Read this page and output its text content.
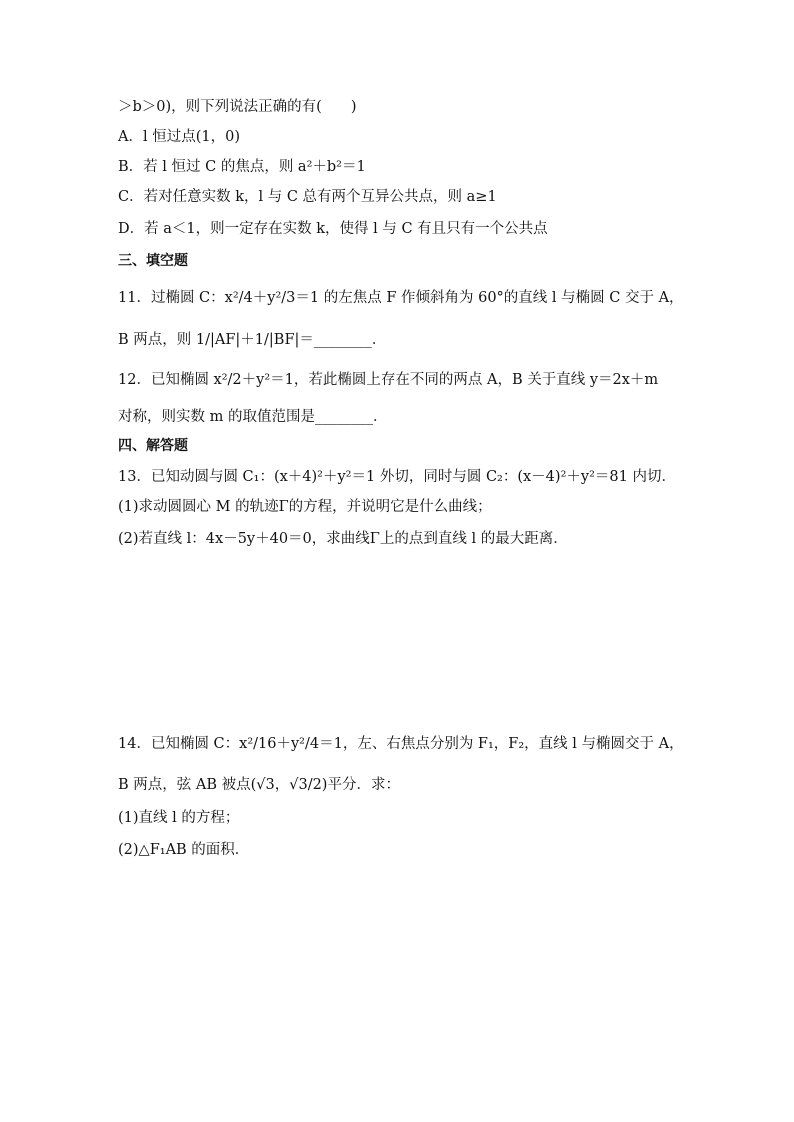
＞b＞0)，则下列说法正确的有(　　)
A．l 恒过点(1，0)
B．若 l 恒过 C 的焦点，则 a²＋b²＝1
C．若对任意实数 k，l 与 C 总有两个互异公共点，则 a≥1
D．若 a＜1，则一定存在实数 k，使得 l 与 C 有且只有一个公共点
三、填空题
11．过椭圆 C：x²/4＋y²/3＝1 的左焦点 F 作倾斜角为 60°的直线 l 与椭圆 C 交于 A，
B 两点，则 1/|AF|＋1/|BF|＝________．
12．已知椭圆 x²/2＋y²＝1，若此椭圆上存在不同的两点 A，B 关于直线 y＝2x＋m
对称，则实数 m 的取值范围是________．
四、解答题
13．已知动圆与圆 C₁：(x＋4)²＋y²＝1 外切，同时与圆 C₂：(x－4)²＋y²＝81 内切．
(1)求动圆圆心 M 的轨迹Γ的方程，并说明它是什么曲线；
(2)若直线 l：4x－5y＋40＝0，求曲线Γ上的点到直线 l 的最大距离．
14．已知椭圆 C：x²/16＋y²/4＝1，左、右焦点分别为 F₁，F₂，直线 l 与椭圆交于 A，
B 两点，弦 AB 被点(√3，√3/2)平分．求：
(1)直线 l 的方程；
(2)△F₁AB 的面积．
